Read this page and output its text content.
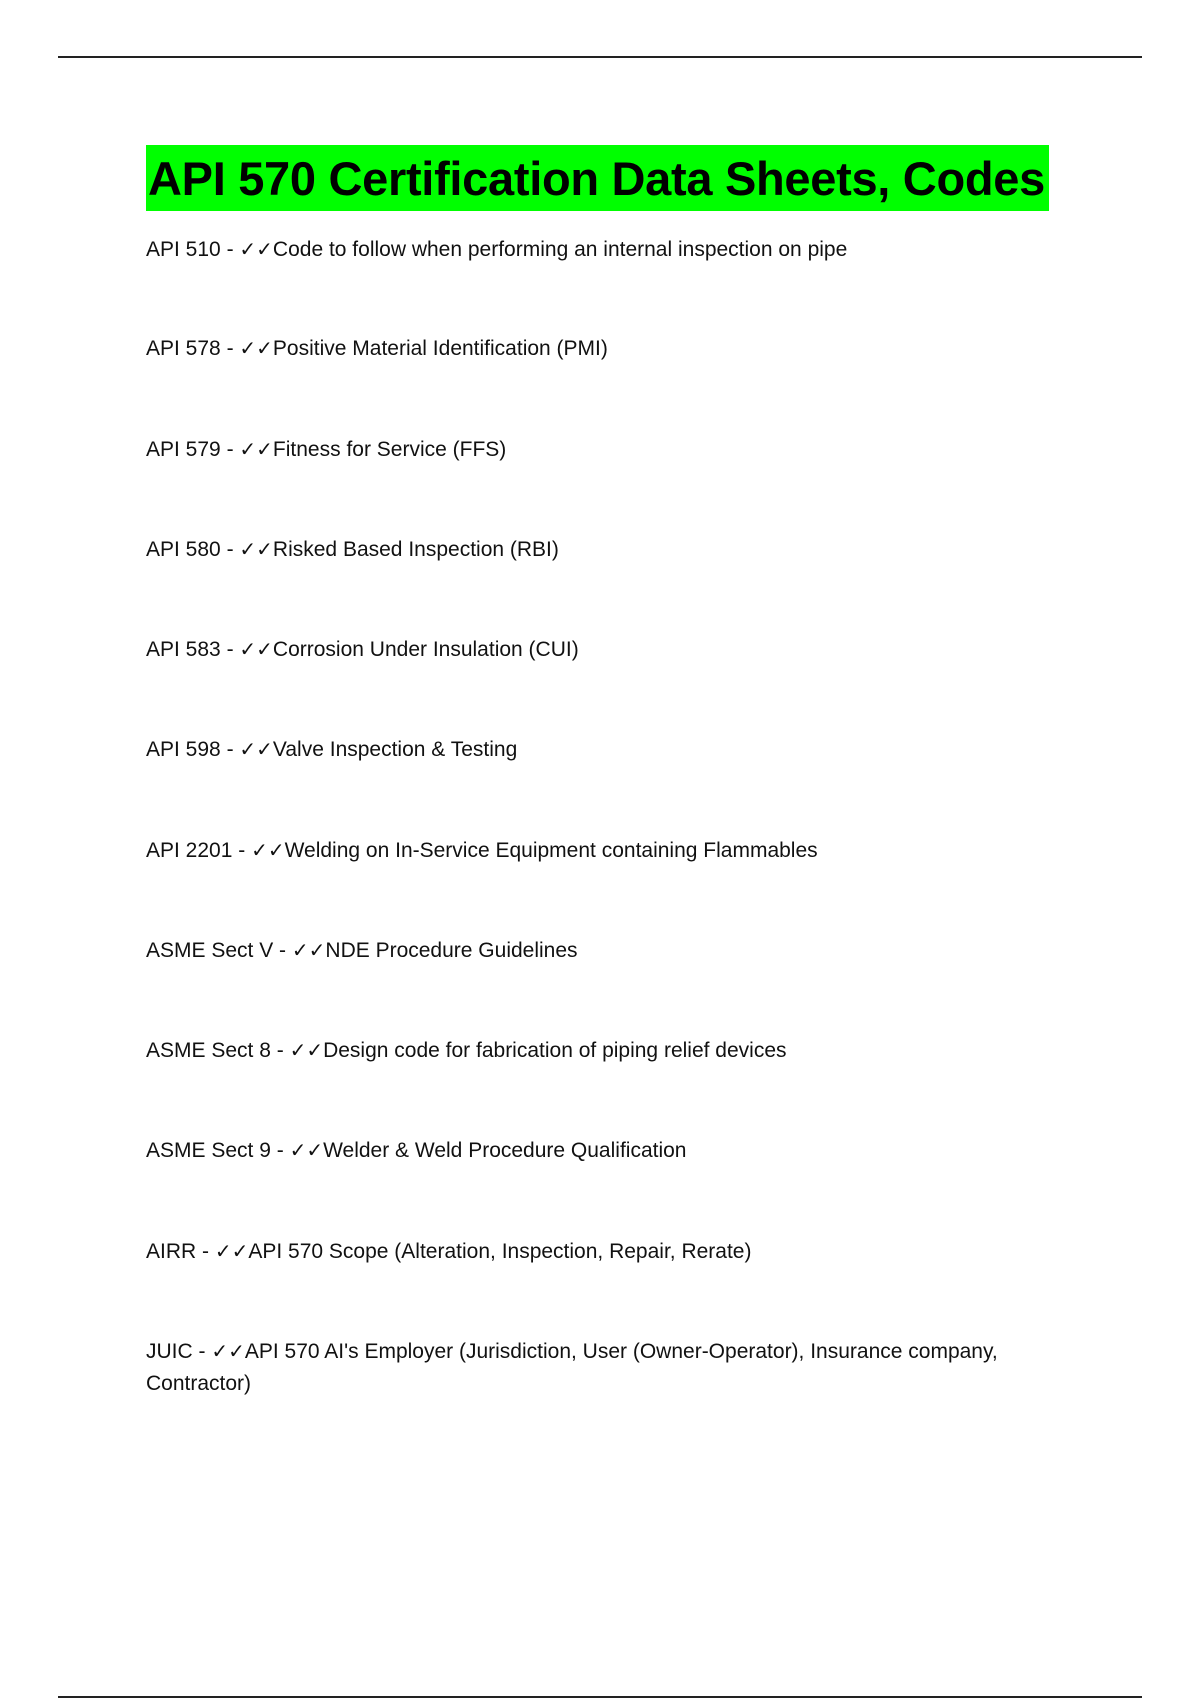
API 570 Certification Data Sheets, Codes
API 510 - ✓✓Code to follow when performing an internal inspection on pipe
API 578 - ✓✓Positive Material Identification (PMI)
API 579 - ✓✓Fitness for Service (FFS)
API 580 - ✓✓Risked Based Inspection (RBI)
API 583 - ✓✓Corrosion Under Insulation (CUI)
API 598 - ✓✓Valve Inspection & Testing
API 2201 - ✓✓Welding on In-Service Equipment containing Flammables
ASME Sect V - ✓✓NDE Procedure Guidelines
ASME Sect 8 - ✓✓Design code for fabrication of piping relief devices
ASME Sect 9 - ✓✓Welder & Weld Procedure Qualification
AIRR - ✓✓API 570 Scope (Alteration, Inspection, Repair, Rerate)
JUIC - ✓✓API 570 AI's Employer (Jurisdiction, User (Owner-Operator), Insurance company, Contractor)
